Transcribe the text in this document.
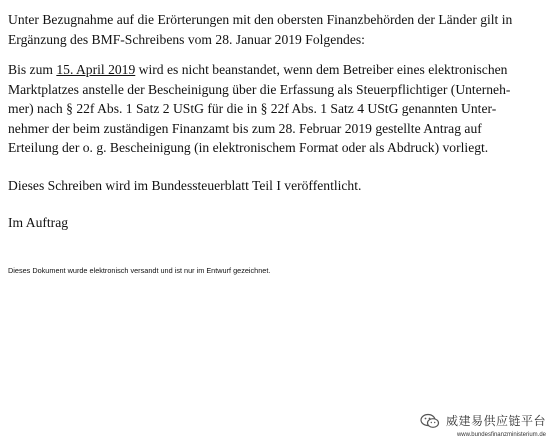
Unter Bezugnahme auf die Erörterungen mit den obersten Finanzbehörden der Länder gilt in
Ergänzung des BMF-Schreibens vom 28. Januar 2019 Folgendes:

Bis zum 15. April 2019 wird es nicht beanstandet, wenn dem Betreiber eines elektronischen
Marktplatzes anstelle der Bescheinigung über die Erfassung als Steuerpflichtiger (Unterneh-
mer) nach § 22f Abs. 1 Satz 2 UStG für die in § 22f Abs. 1 Satz 4 UStG genannten Unter-
nehmer der beim zuständigen Finanzamt bis zum 28. Februar 2019 gestellte Antrag auf
Erteilung der o. g. Bescheinigung (in elektronischem Format oder als Abdruck) vorliegt.

Dieses Schreiben wird im Bundessteuerblatt Teil I veröffentlicht.

Im Auftrag

Dieses Dokument wurde elektronisch versandt und ist nur im Entwurf gezeichnet.

威建易供应链平台
www.bundesfinanzministerium.de
